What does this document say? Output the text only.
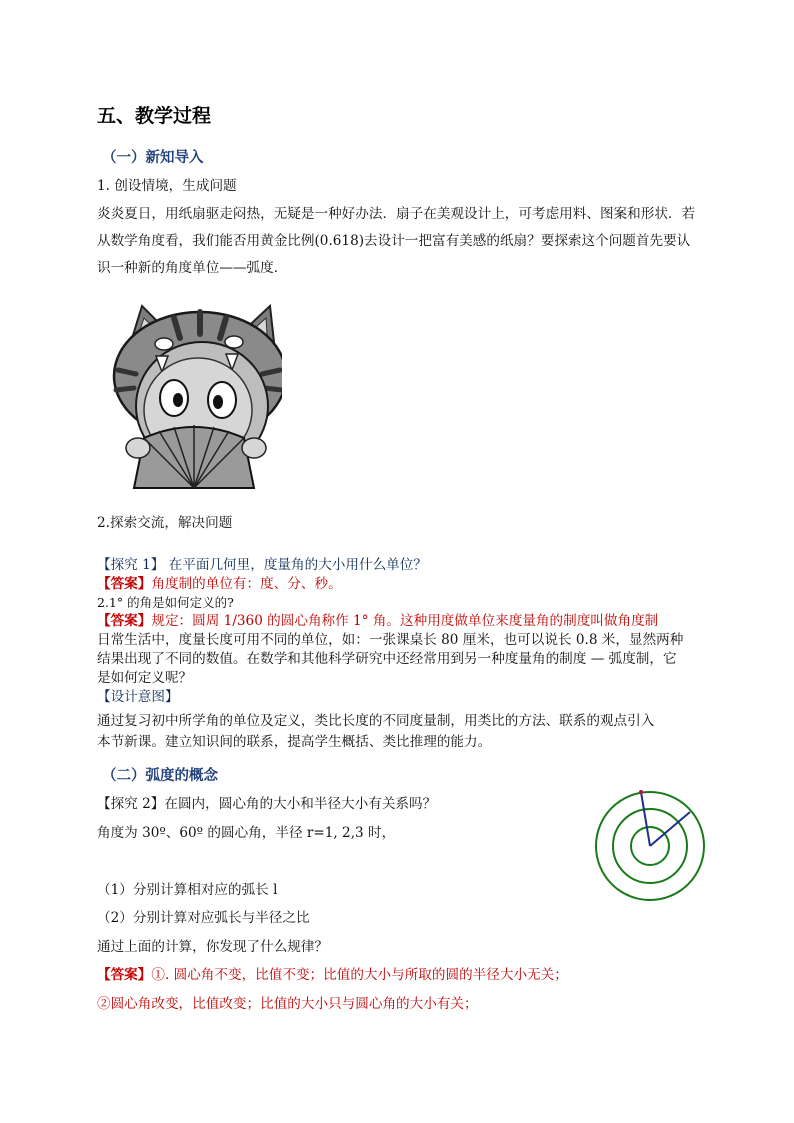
五、教学过程
（一）新知导入
1. 创设情境，生成问题
炎炎夏日，用纸扇驱走闷热，无疑是一种好办法．扇子在美观设计上，可考虑用料、图案和形状．若
从数学角度看，我们能否用黄金比例(0.618)去设计一把富有美感的纸扇？要探索这个问题首先要认
识一种新的角度单位——弧度．
2.探索交流，解决问题
【探究 1】 在平面几何里，度量角的大小用什么单位？
【答案】角度制的单位有：度、分、秒。
2.1° 的角是如何定义的?
【答案】规定：圆周 1/360 的圆心角称作 1° 角。这种用度做单位来度量角的制度叫做角度制
日常生活中，度量长度可用不同的单位，如：一张课桌长 80 厘米，也可以说长 0.8 米，显然两种
结果出现了不同的数值。在数学和其他科学研究中还经常用到另一种度量角的制度 — 弧度制，它
是如何定义呢？
【设计意图】
通过复习初中所学角的单位及定义，类比长度的不同度量制，用类比的方法、联系的观点引入
本节新课。建立知识间的联系，提高学生概括、类比推理的能力。
（二）弧度的概念
【探究 2】在圆内，圆心角的大小和半径大小有关系吗？
角度为 30º、60º 的圆心角，半径 r=1, 2,3 时，
（1）分别计算相对应的弧长 l
（2）分别计算对应弧长与半径之比
通过上面的计算，你发现了什么规律？
【答案】①. 圆心角不变，比值不变；比值的大小与所取的圆的半径大小无关；
②圆心角改变，比值改变；比值的大小只与圆心角的大小有关；
